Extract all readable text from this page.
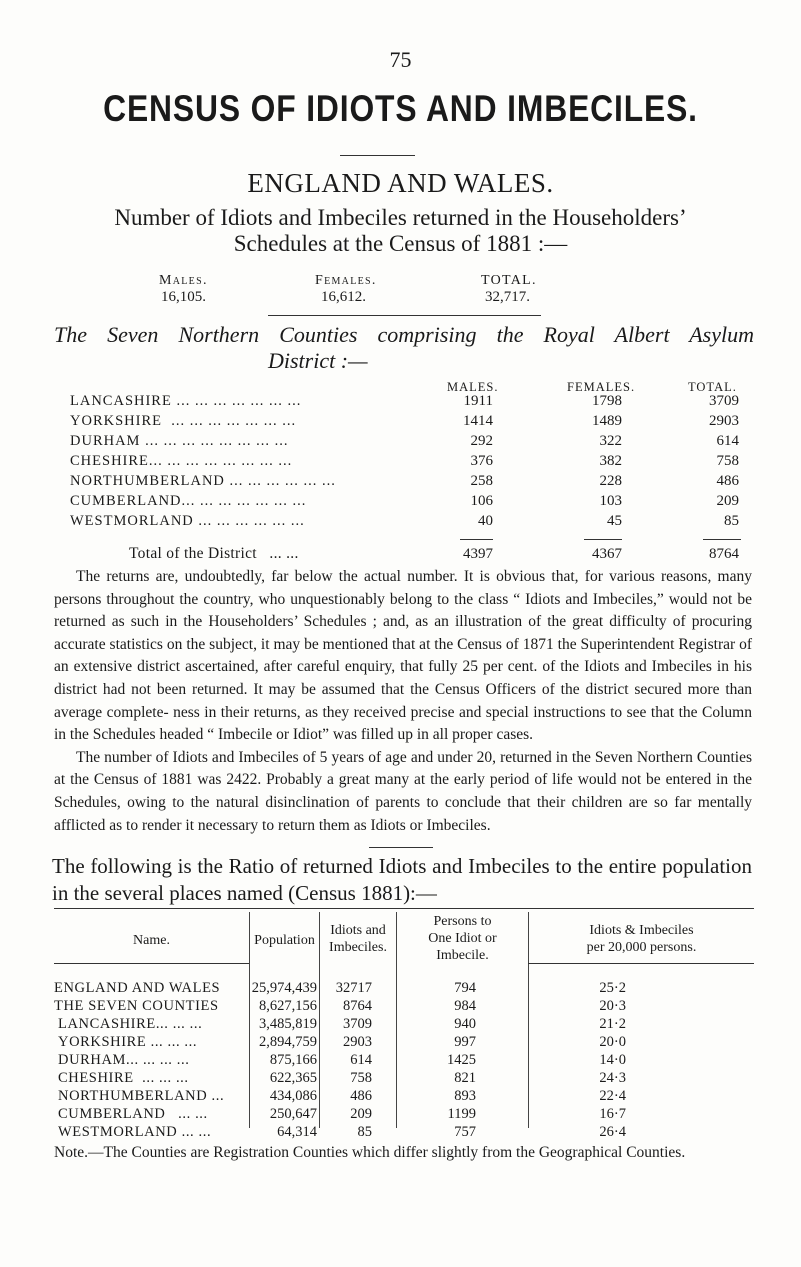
75
CENSUS OF IDIOTS AND IMBECILES.
ENGLAND AND WALES.
Number of Idiots and Imbeciles returned in the Householders’
Schedules at the Census of 1881 :—
Males.	Females.	TOTAL.
16,105.	16,612.	32,717.
The Seven Northern Counties comprising the Royal Albert Asylum
District :—
MALES.	FEMALES.	TOTAL.
LANCASHIRE ... ... ... ... ... ... ...	1911	1798	3709
YORKSHIRE  ... ... ... ... ... ... ...	1414	1489	2903
DURHAM ... ... ... ... ... ... ... ...	292	322	614
CHESHIRE... ... ... ... ... ... ... ...	376	382	758
NORTHUMBERLAND ... ... ... ... ... ...	258	228	486
CUMBERLAND... ... ... ... ... ... ...	106	103	209
WESTMORLAND ... ... ... ... ... ...	40	45	85
Total of the District   ... ...	4397	4367	8764

The returns are, undoubtedly, far below the actual number. It is obvious that, for various reasons, many persons throughout the country, who unquestionably belong to the class “ Idiots and Imbeciles,” would not be returned as such in the Householders’ Schedules ; and, as an illustration of the great difficulty of procuring accurate statistics on the subject, it may be mentioned that at the Census of 1871 the Superintendent Registrar of an extensive district ascertained, after careful enquiry, that fully 25 per cent. of the Idiots and Imbeciles in his district had not been returned. It may be assumed that the Census Officers of the district secured more than average complete- ness in their returns, as they received precise and special instructions to see that the Column in the Schedules headed “ Imbecile or Idiot” was filled up in all proper cases.

The number of Idiots and Imbeciles of 5 years of age and under 20, returned in the Seven Northern Counties at the Census of 1881 was 2422. Probably a great many at the early period of life would not be entered in the Schedules, owing to the natural disinclination of parents to conclude that their children are so far mentally afflicted as to render it necessary to return them as Idiots or Imbeciles.

The following is the Ratio of returned Idiots and Imbeciles to the entire population in the several places named (Census 1881):—
Name.	Population
Idiots and
Imbeciles.
Persons to
One Idiot or
Imbecile.
Idiots & Imbeciles
per 20,000 persons.
ENGLAND AND WALES 25,974,439	32717	794	25·2
THE SEVEN COUNTIES	8,627,156	8764	984	20·3
LANCASHIRE... ... ...	3,485,819	3709	940	21·2
YORKSHIRE ... ... ...	2,894,759	2903	997	20·0
DURHAM... ... ... ...	875,166	614	1425	14·0
CHESHIRE  ... ... ...	622,365	758	821	24·3
NORTHUMBERLAND ...	434,086	486	893	22·4
CUMBERLAND   ... ...	250,647	209	1199	16·7
WESTMORLAND ... ...	64,314	85	757	26·4
Note.—The Counties are Registration Counties which differ slightly from the Geographical Counties.
